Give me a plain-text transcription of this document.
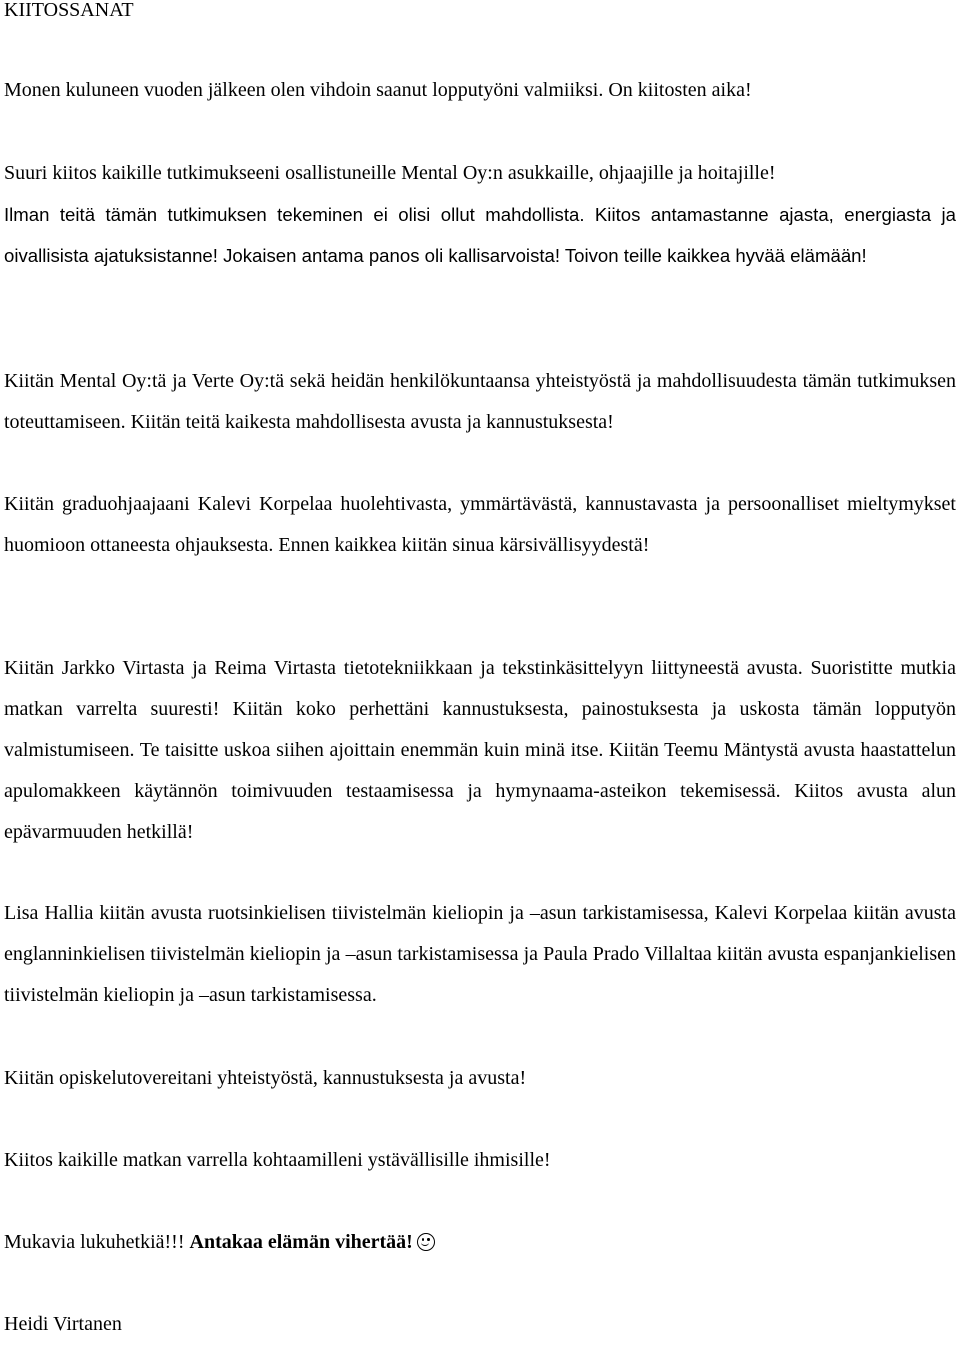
KIITOSSANAT

Monen kuluneen vuoden jälkeen olen vihdoin saanut lopputyöni valmiiksi. On kiitosten aika!

Suuri kiitos kaikille tutkimukseeni osallistuneille Mental Oy:n asukkaille, ohjaajille ja hoitajille!

Ilman teitä tämän tutkimuksen tekeminen ei olisi ollut mahdollista. Kiitos antamastanne ajasta, energiasta ja oivallisista ajatuksistanne! Jokaisen antama panos oli kallisarvoista! Toivon teille kaikkea hyvää elämään!

Kiitän Mental Oy:tä ja Verte Oy:tä sekä heidän henkilökuntaansa yhteistyöstä ja mahdollisuudesta tämän tutkimuksen toteuttamiseen. Kiitän teitä kaikesta mahdollisesta avusta ja kannustuksesta!

Kiitän graduohjaajaani Kalevi Korpelaa huolehtivasta, ymmärtävästä, kannustavasta ja persoonalliset mieltymykset huomioon ottaneesta ohjauksesta. Ennen kaikkea kiitän sinua kärsivällisyydestä!

Kiitän Jarkko Virtasta ja Reima Virtasta tietotekniikkaan ja tekstinkäsittelyyn liittyneestä avusta. Suoristitte mutkia matkan varrelta suuresti! Kiitän koko perhettäni kannustuksesta, painostuksesta ja uskosta tämän lopputyön valmistumiseen. Te taisitte uskoa siihen ajoittain enemmän kuin minä itse. Kiitän Teemu Mäntystä avusta haastattelun apulomakkeen käytännön toimivuuden testaamisessa ja hymynaama-asteikon tekemisessä. Kiitos avusta alun epävarmuuden hetkillä!

Lisa Hallia kiitän avusta ruotsinkielisen tiivistelmän kieliopin ja –asun tarkistamisessa, Kalevi Korpelaa kiitän avusta englanninkielisen tiivistelmän kieliopin ja –asun tarkistamisessa ja Paula Prado Villaltaa kiitän avusta espanjankielisen tiivistelmän kieliopin ja –asun tarkistamisessa.

Kiitän opiskelutovereitani yhteistyöstä, kannustuksesta ja avusta!

Kiitos kaikille matkan varrella kohtaamilleni ystävällisille ihmisille!

Mukavia lukuhetkiä!!! Antakaa elämän vihertää!

Heidi Virtanen
